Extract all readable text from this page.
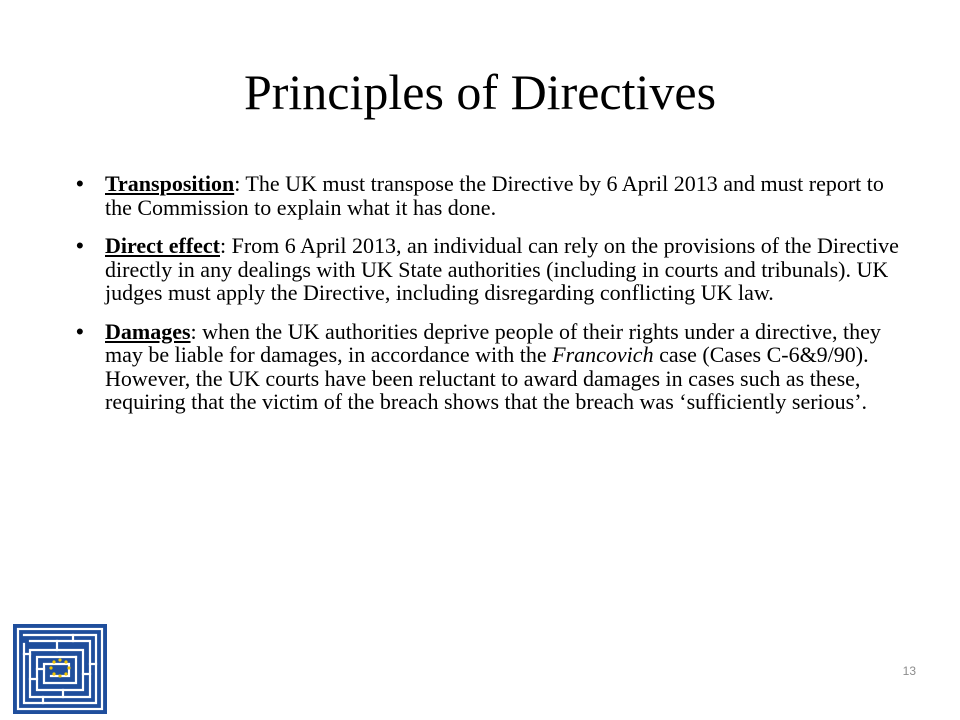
Principles of Directives
• Transposition: The UK must transpose the Directive by 6 April 2013 and must report to the Commission to explain what it has done.
• Direct effect: From 6 April 2013, an individual can rely on the provisions of the Directive directly in any dealings with UK State authorities (including in courts and tribunals). UK judges must apply the Directive, including disregarding conflicting UK law.
• Damages: when the UK authorities deprive people of their rights under a directive, they may be liable for damages, in accordance with the Francovich case (Cases C-6&9/90). However, the UK courts have been reluctant to award damages in cases such as these, requiring that the victim of the breach shows that the breach was ‘sufficiently serious’.
13
